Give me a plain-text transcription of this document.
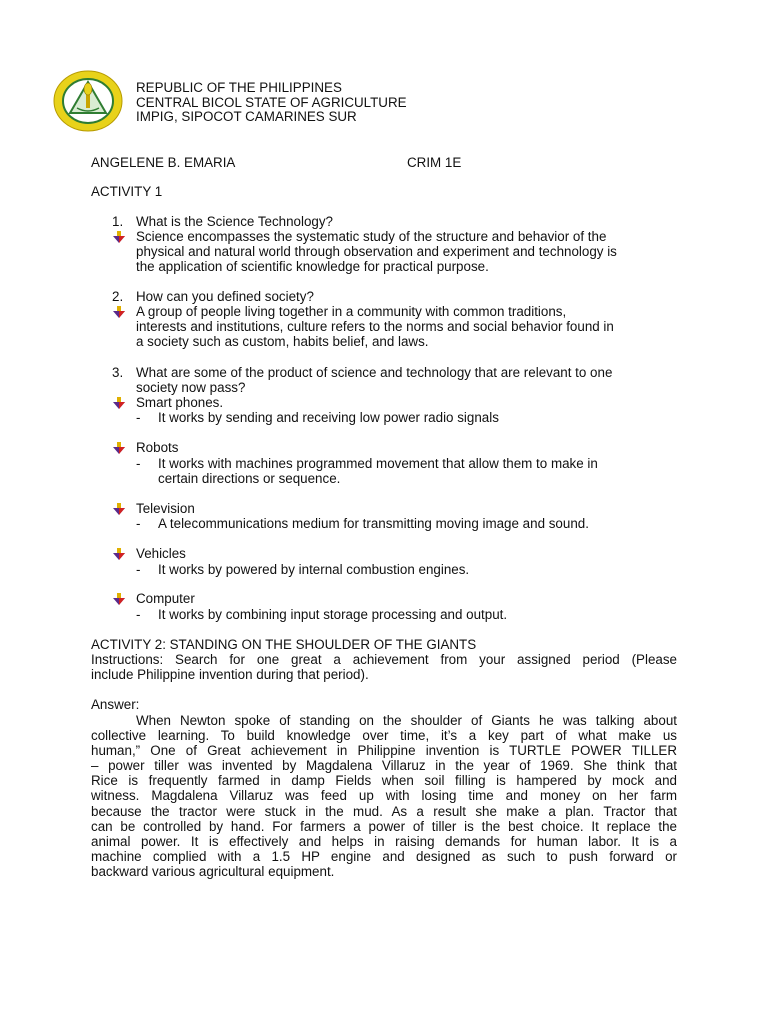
REPUBLIC OF THE PHILIPPINES
CENTRAL BICOL STATE OF AGRICULTURE
IMPIG, SIPOCOT CAMARINES SUR
ANGELENE B. EMARIA	CRIM 1E
ACTIVITY 1
1. What is the Science Technology?
Science encompasses the systematic study of the structure and behavior of the
physical and natural world through observation and experiment and technology is
the application of scientific knowledge for practical purpose.
2. How can you defined society?
A group of people living together in a community with common traditions,
interests and institutions, culture refers to the norms and social behavior found in
a society such as custom, habits belief, and laws.
3. What are some of the product of science and technology that are relevant to one
society now pass?
Smart phones.
- It works by sending and receiving low power radio signals
Robots
- It works with machines programmed movement that allow them to make in
certain directions or sequence.
Television
- A telecommunications medium for transmitting moving image and sound.
Vehicles
- It works by powered by internal combustion engines.
Computer
- It works by combining input storage processing and output.
ACTIVITY 2: STANDING ON THE SHOULDER OF THE GIANTS
Instructions: Search for one great a achievement from your assigned period (Please
include Philippine invention during that period).
Answer:
When Newton spoke of standing on the shoulder of Giants he was talking about
collective learning. To build knowledge over time, it’s a key part of what make us
human,” One of Great achievement in Philippine invention is TURTLE POWER TILLER
– power tiller was invented by Magdalena Villaruz in the year of 1969. She think that
Rice is frequently farmed in damp Fields when soil filling is hampered by mock and
witness. Magdalena Villaruz was feed up with losing time and money on her farm
because the tractor were stuck in the mud. As a result she make a plan. Tractor that
can be controlled by hand. For farmers a power of tiller is the best choice. It replace the
animal power. It is effectively and helps in raising demands for human labor. It is a
machine complied with a 1.5 HP engine and designed as such to push forward or
backward various agricultural equipment.
